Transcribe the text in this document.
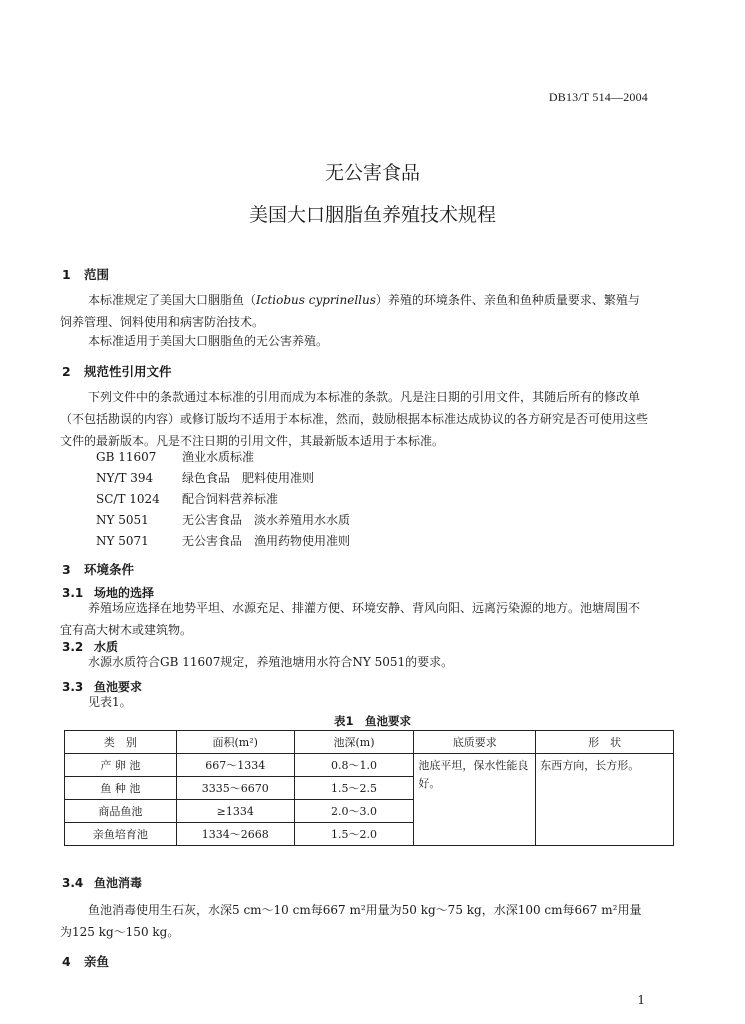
DB13/T 514—2004
无公害食品
美国大口胭脂鱼养殖技术规程
1 范围
本标准规定了美国大口胭脂鱼（Ictiobus cyprinellus）养殖的环境条件、亲鱼和鱼种质量要求、繁殖与饲养管理、饲料使用和病害防治技术。
本标准适用于美国大口胭脂鱼的无公害养殖。
2 规范性引用文件
下列文件中的条款通过本标准的引用而成为本标准的条款。凡是注日期的引用文件，其随后所有的修改单（不包括勘误的内容）或修订版均不适用于本标准，然而，鼓励根据本标准达成协议的各方研究是否可使用这些文件的最新版本。凡是不注日期的引用文件，其最新版本适用于本标准。
GB 11607 渔业水质标准
NY/T 394 绿色食品　肥料使用准则
SC/T 1024 配合饲料营养标准
NY 5051	无公害食品　淡水养殖用水水质
NY 5071	无公害食品　渔用药物使用准则
3 环境条件
3.1 场地的选择
养殖场应选择在地势平坦、水源充足、排灌方便、环境安静、背风向阳、远离污染源的地方。池塘周围不宜有高大树木或建筑物。
3.2 水质
水源水质符合GB 11607规定，养殖池塘用水符合NY 5051的要求。
3.3 鱼池要求
见表1。
表1　鱼池要求
类　别	面积(m²)	池深(m)	底质要求	形　状
产 卵 池	667～1334	0.8～1.0	池底平坦，保水性能良好。	东西方向，长方形。
鱼 种 池	3335～6670	1.5～2.5		
商品鱼池	≥1334	2.0～3.0		
亲鱼培育池	1334～2668	1.5～2.0		
3.4 鱼池消毒
鱼池消毒使用生石灰，水深5 cm～10 cm每667 m²用量为50 kg～75 kg，水深100 cm每667 m²用量为125 kg～150 kg。
4 亲鱼
1
